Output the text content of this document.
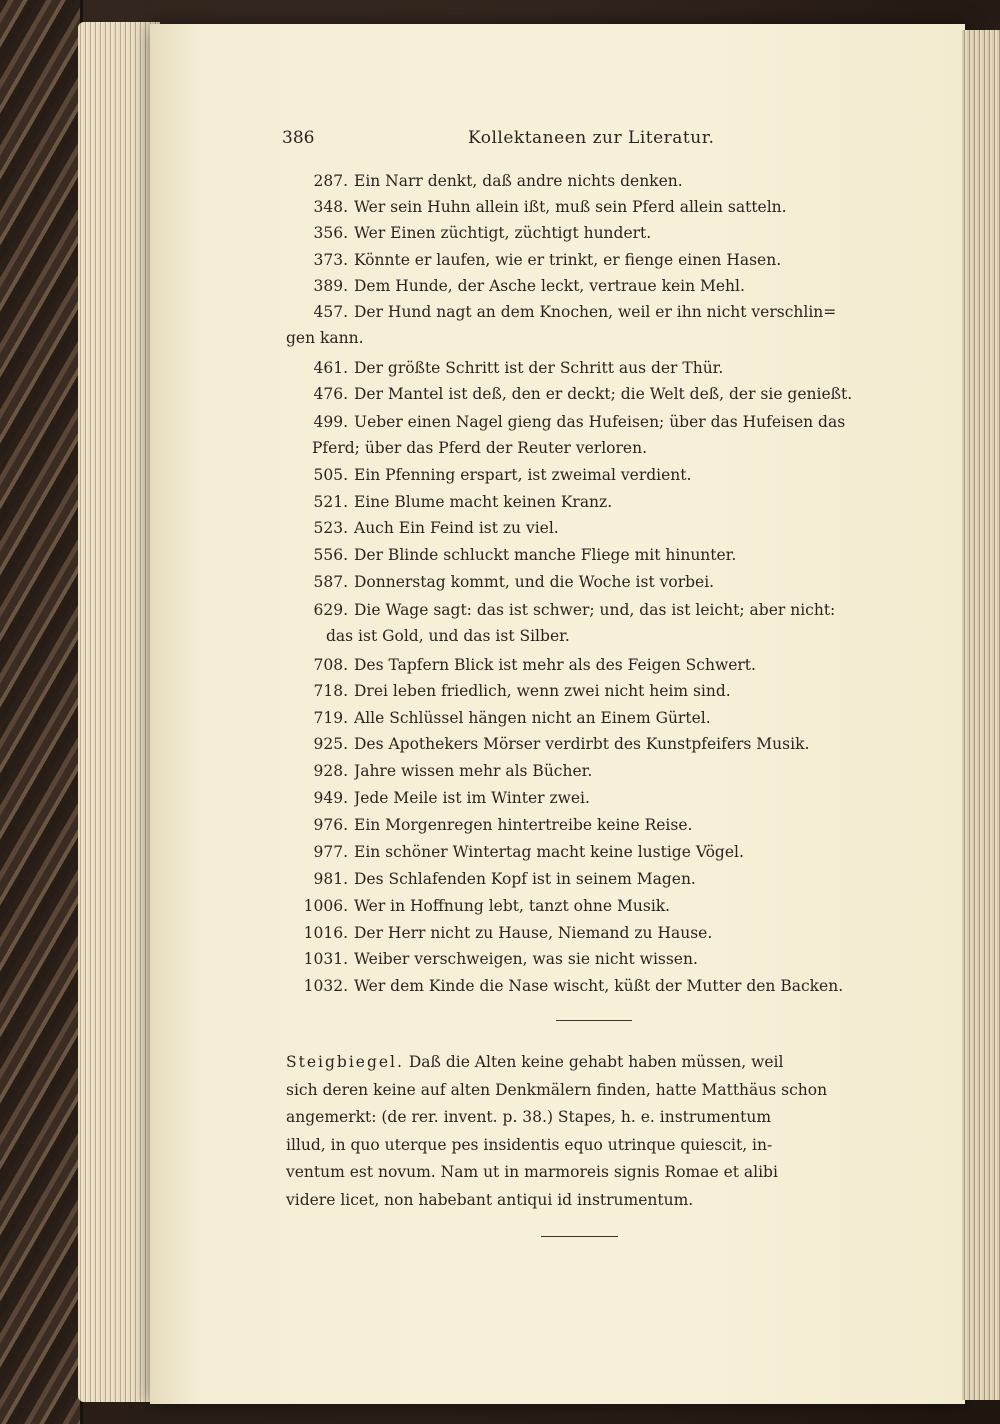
386	Kollektaneen zur Literatur.
287. Ein Narr denkt, daß andre nichts denken.
348. Wer sein Huhn allein ißt, muß sein Pferd allein satteln.
356. Wer Einen züchtigt, züchtigt hundert.
373. Könnte er laufen, wie er trinkt, er fienge einen Hasen.
389. Dem Hunde, der Asche leckt, vertraue kein Mehl.
457. Der Hund nagt an dem Knochen, weil er ihn nicht verschlin=
gen kann.
461. Der größte Schritt ist der Schritt aus der Thür.
476. Der Mantel ist deß, den er deckt; die Welt deß, der sie genießt.
499. Ueber einen Nagel gieng das Hufeisen; über das Hufeisen das
Pferd; über das Pferd der Reuter verloren.
505. Ein Pfenning erspart, ist zweimal verdient.
521. Eine Blume macht keinen Kranz.
523. Auch Ein Feind ist zu viel.
556. Der Blinde schluckt manche Fliege mit hinunter.
587. Donnerstag kommt, und die Woche ist vorbei.
629. Die Wage sagt: das ist schwer; und, das ist leicht; aber nicht:
das ist Gold, und das ist Silber.
708. Des Tapfern Blick ist mehr als des Feigen Schwert.
718. Drei leben friedlich, wenn zwei nicht heim sind.
719. Alle Schlüssel hängen nicht an Einem Gürtel.
925. Des Apothekers Mörser verdirbt des Kunstpfeifers Musik.
928. Jahre wissen mehr als Bücher.
949. Jede Meile ist im Winter zwei.
976. Ein Morgenregen hintertreibe keine Reise.
977. Ein schöner Wintertag macht keine lustige Vögel.
981. Des Schlafenden Kopf ist in seinem Magen.
1006. Wer in Hoffnung lebt, tanzt ohne Musik.
1016. Der Herr nicht zu Hause, Niemand zu Hause.
1031. Weiber verschweigen, was sie nicht wissen.
1032. Wer dem Kinde die Nase wischt, küßt der Mutter den Backen.
Steigbiegel. Daß die Alten keine gehabt haben müssen, weil
sich deren keine auf alten Denkmälern finden, hatte Matthäus schon
angemerkt: (de rer. invent. p. 38.) Stapes, h. e. instrumentum
illud, in quo uterque pes insidentis equo utrinque quiescit, in-
ventum est novum. Nam ut in marmoreis signis Romae et alibi
videre licet, non habebant antiqui id instrumentum.
